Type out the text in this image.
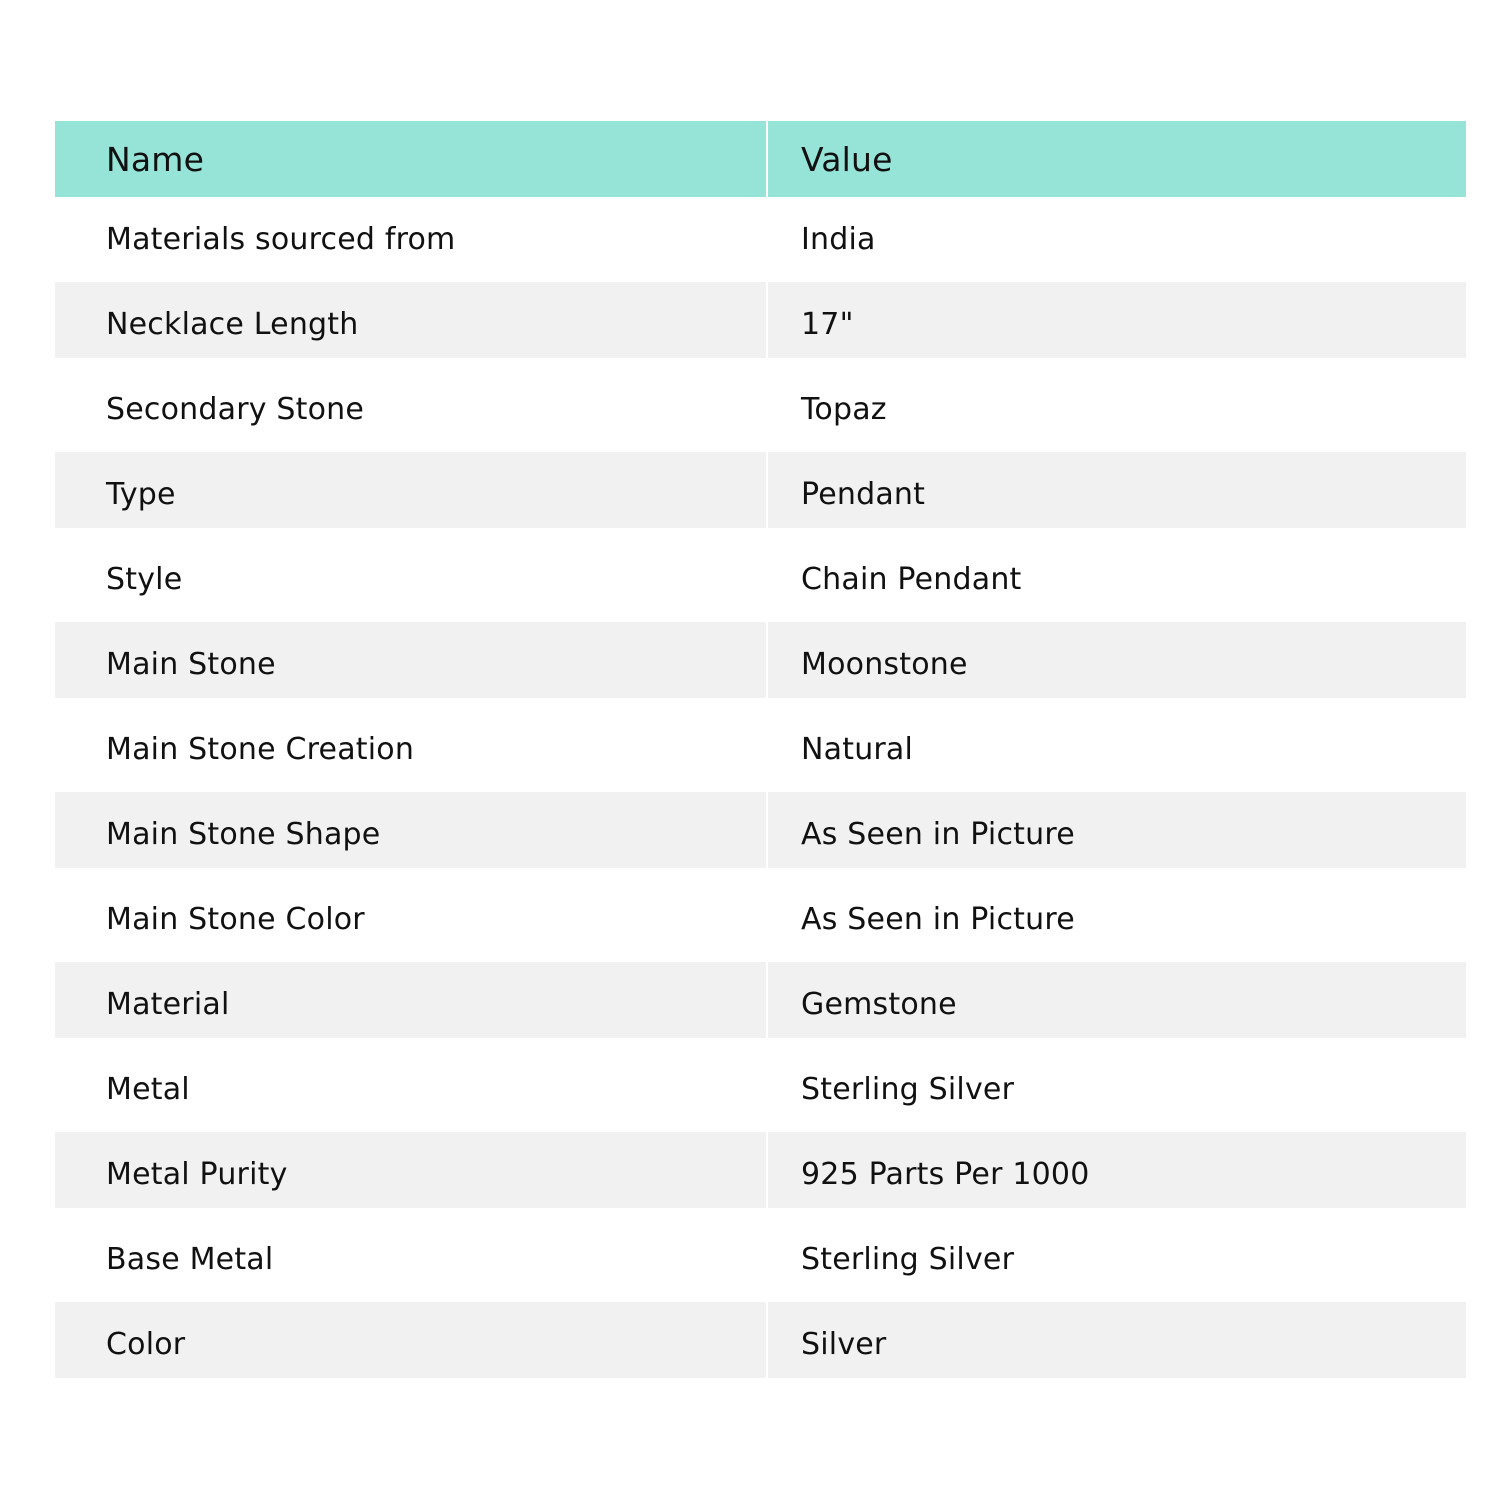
Name	Value
Materials sourced from	India
Necklace Length	17"
Secondary Stone	Topaz
Type	Pendant
Style	Chain Pendant
Main Stone	Moonstone
Main Stone Creation	Natural
Main Stone Shape	As Seen in Picture
Main Stone Color	As Seen in Picture
Material	Gemstone
Metal	Sterling Silver
Metal Purity	925 Parts Per 1000
Base Metal	Sterling Silver
Color	Silver
